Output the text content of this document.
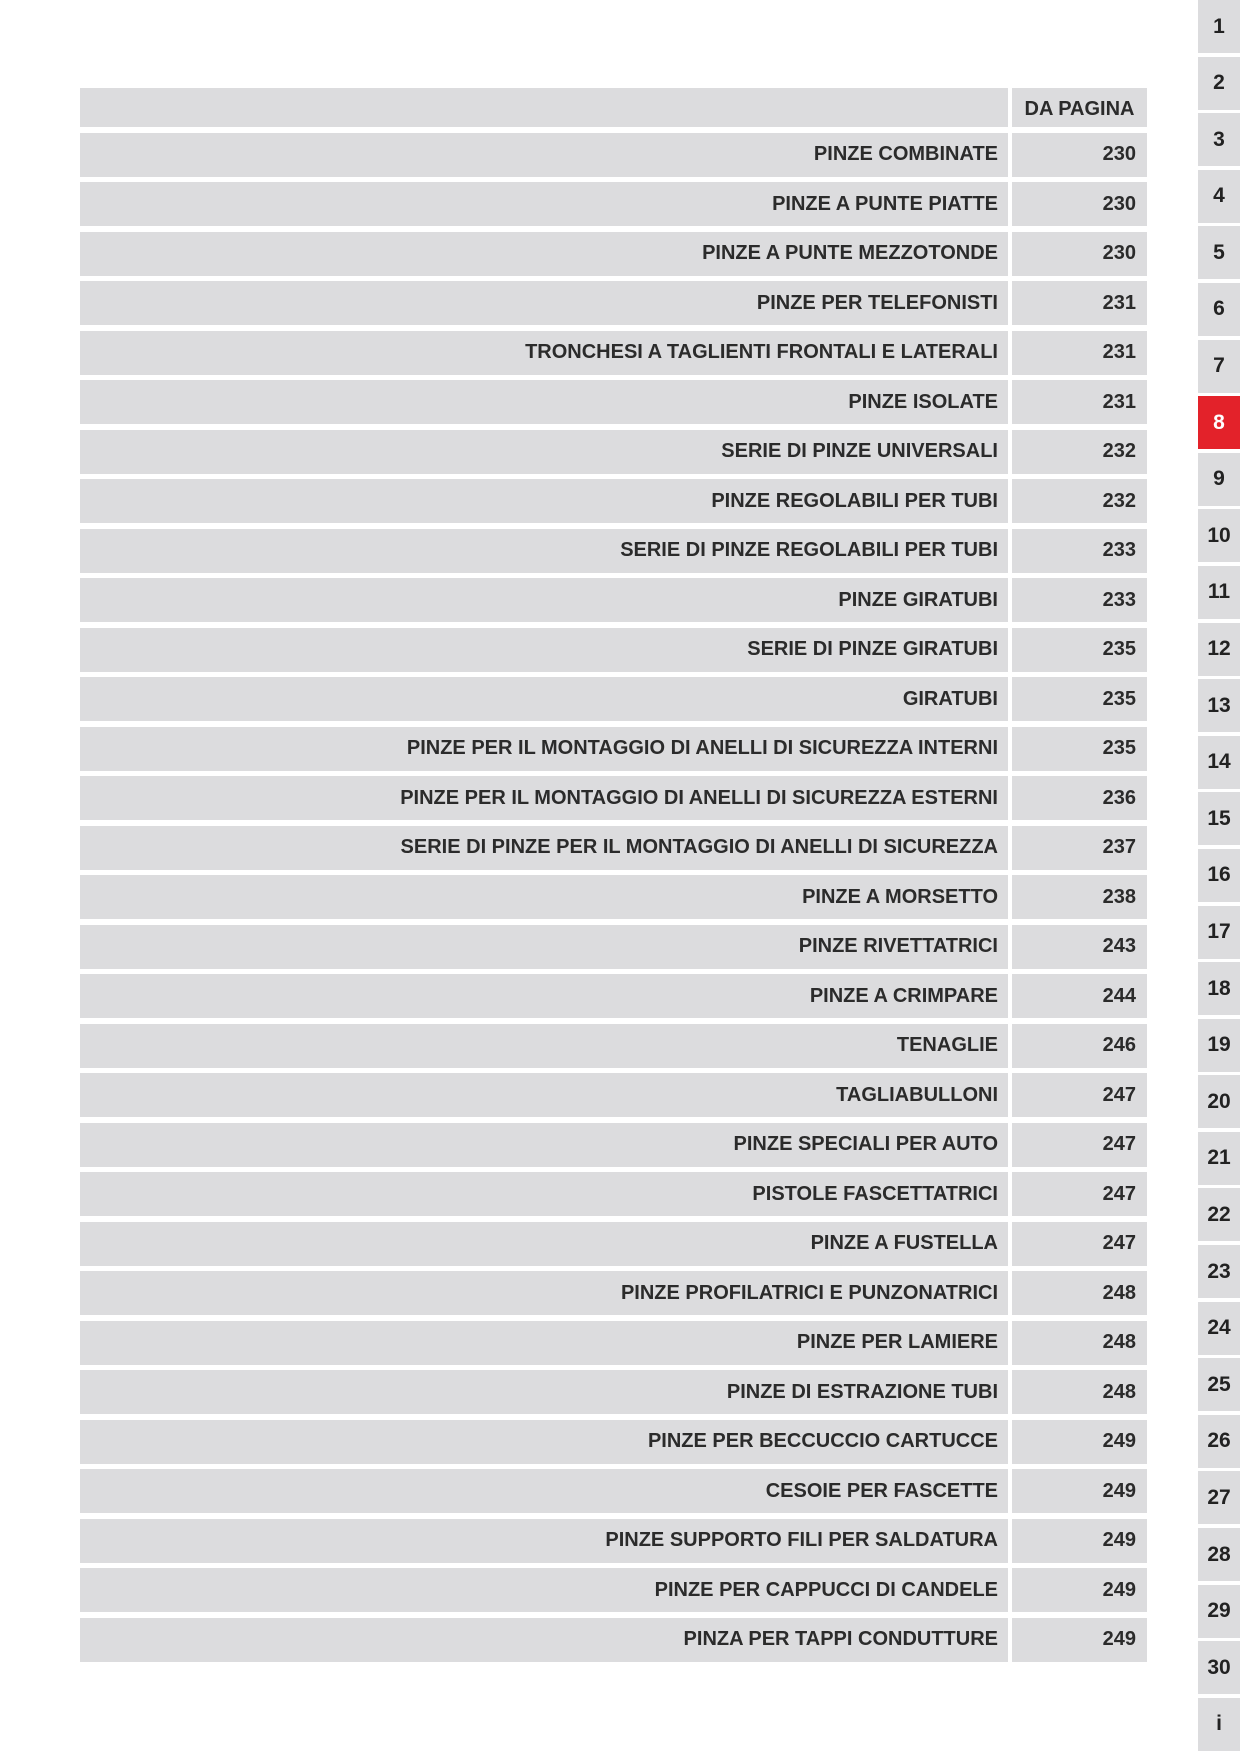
DA PAGINA
PINZE COMBINATE	230
PINZE A PUNTE PIATTE	230
PINZE A PUNTE MEZZOTONDE	230
PINZE PER TELEFONISTI	231
TRONCHESI A TAGLIENTI FRONTALI E LATERALI	231
PINZE ISOLATE	231
SERIE DI PINZE UNIVERSALI	232
PINZE REGOLABILI PER TUBI	232
SERIE DI PINZE REGOLABILI PER TUBI	233
PINZE GIRATUBI	233
SERIE DI PINZE GIRATUBI	235
GIRATUBI	235
PINZE PER IL MONTAGGIO DI ANELLI DI SICUREZZA INTERNI	235
PINZE PER IL MONTAGGIO DI ANELLI DI SICUREZZA ESTERNI	236
SERIE DI PINZE PER IL MONTAGGIO DI ANELLI DI SICUREZZA	237
PINZE A MORSETTO	238
PINZE RIVETTATRICI	243
PINZE A CRIMPARE	244
TENAGLIE	246
TAGLIABULLONI	247
PINZE SPECIALI PER AUTO	247
PISTOLE FASCETTATRICI	247
PINZE A FUSTELLA	247
PINZE PROFILATRICI E PUNZONATRICI	248
PINZE PER LAMIERE	248
PINZE DI ESTRAZIONE TUBI	248
PINZE PER BECCUCCIO CARTUCCE	249
CESOIE PER FASCETTE	249
PINZE SUPPORTO FILI PER SALDATURA	249
PINZE PER CAPPUCCI DI CANDELE	249
PINZA PER TAPPI CONDUTTURE	249
1
2
3
4
5
6
7
8
9
10
11
12
13
14
15
16
17
18
19
20
21
22
23
24
25
26
27
28
29
30
i
